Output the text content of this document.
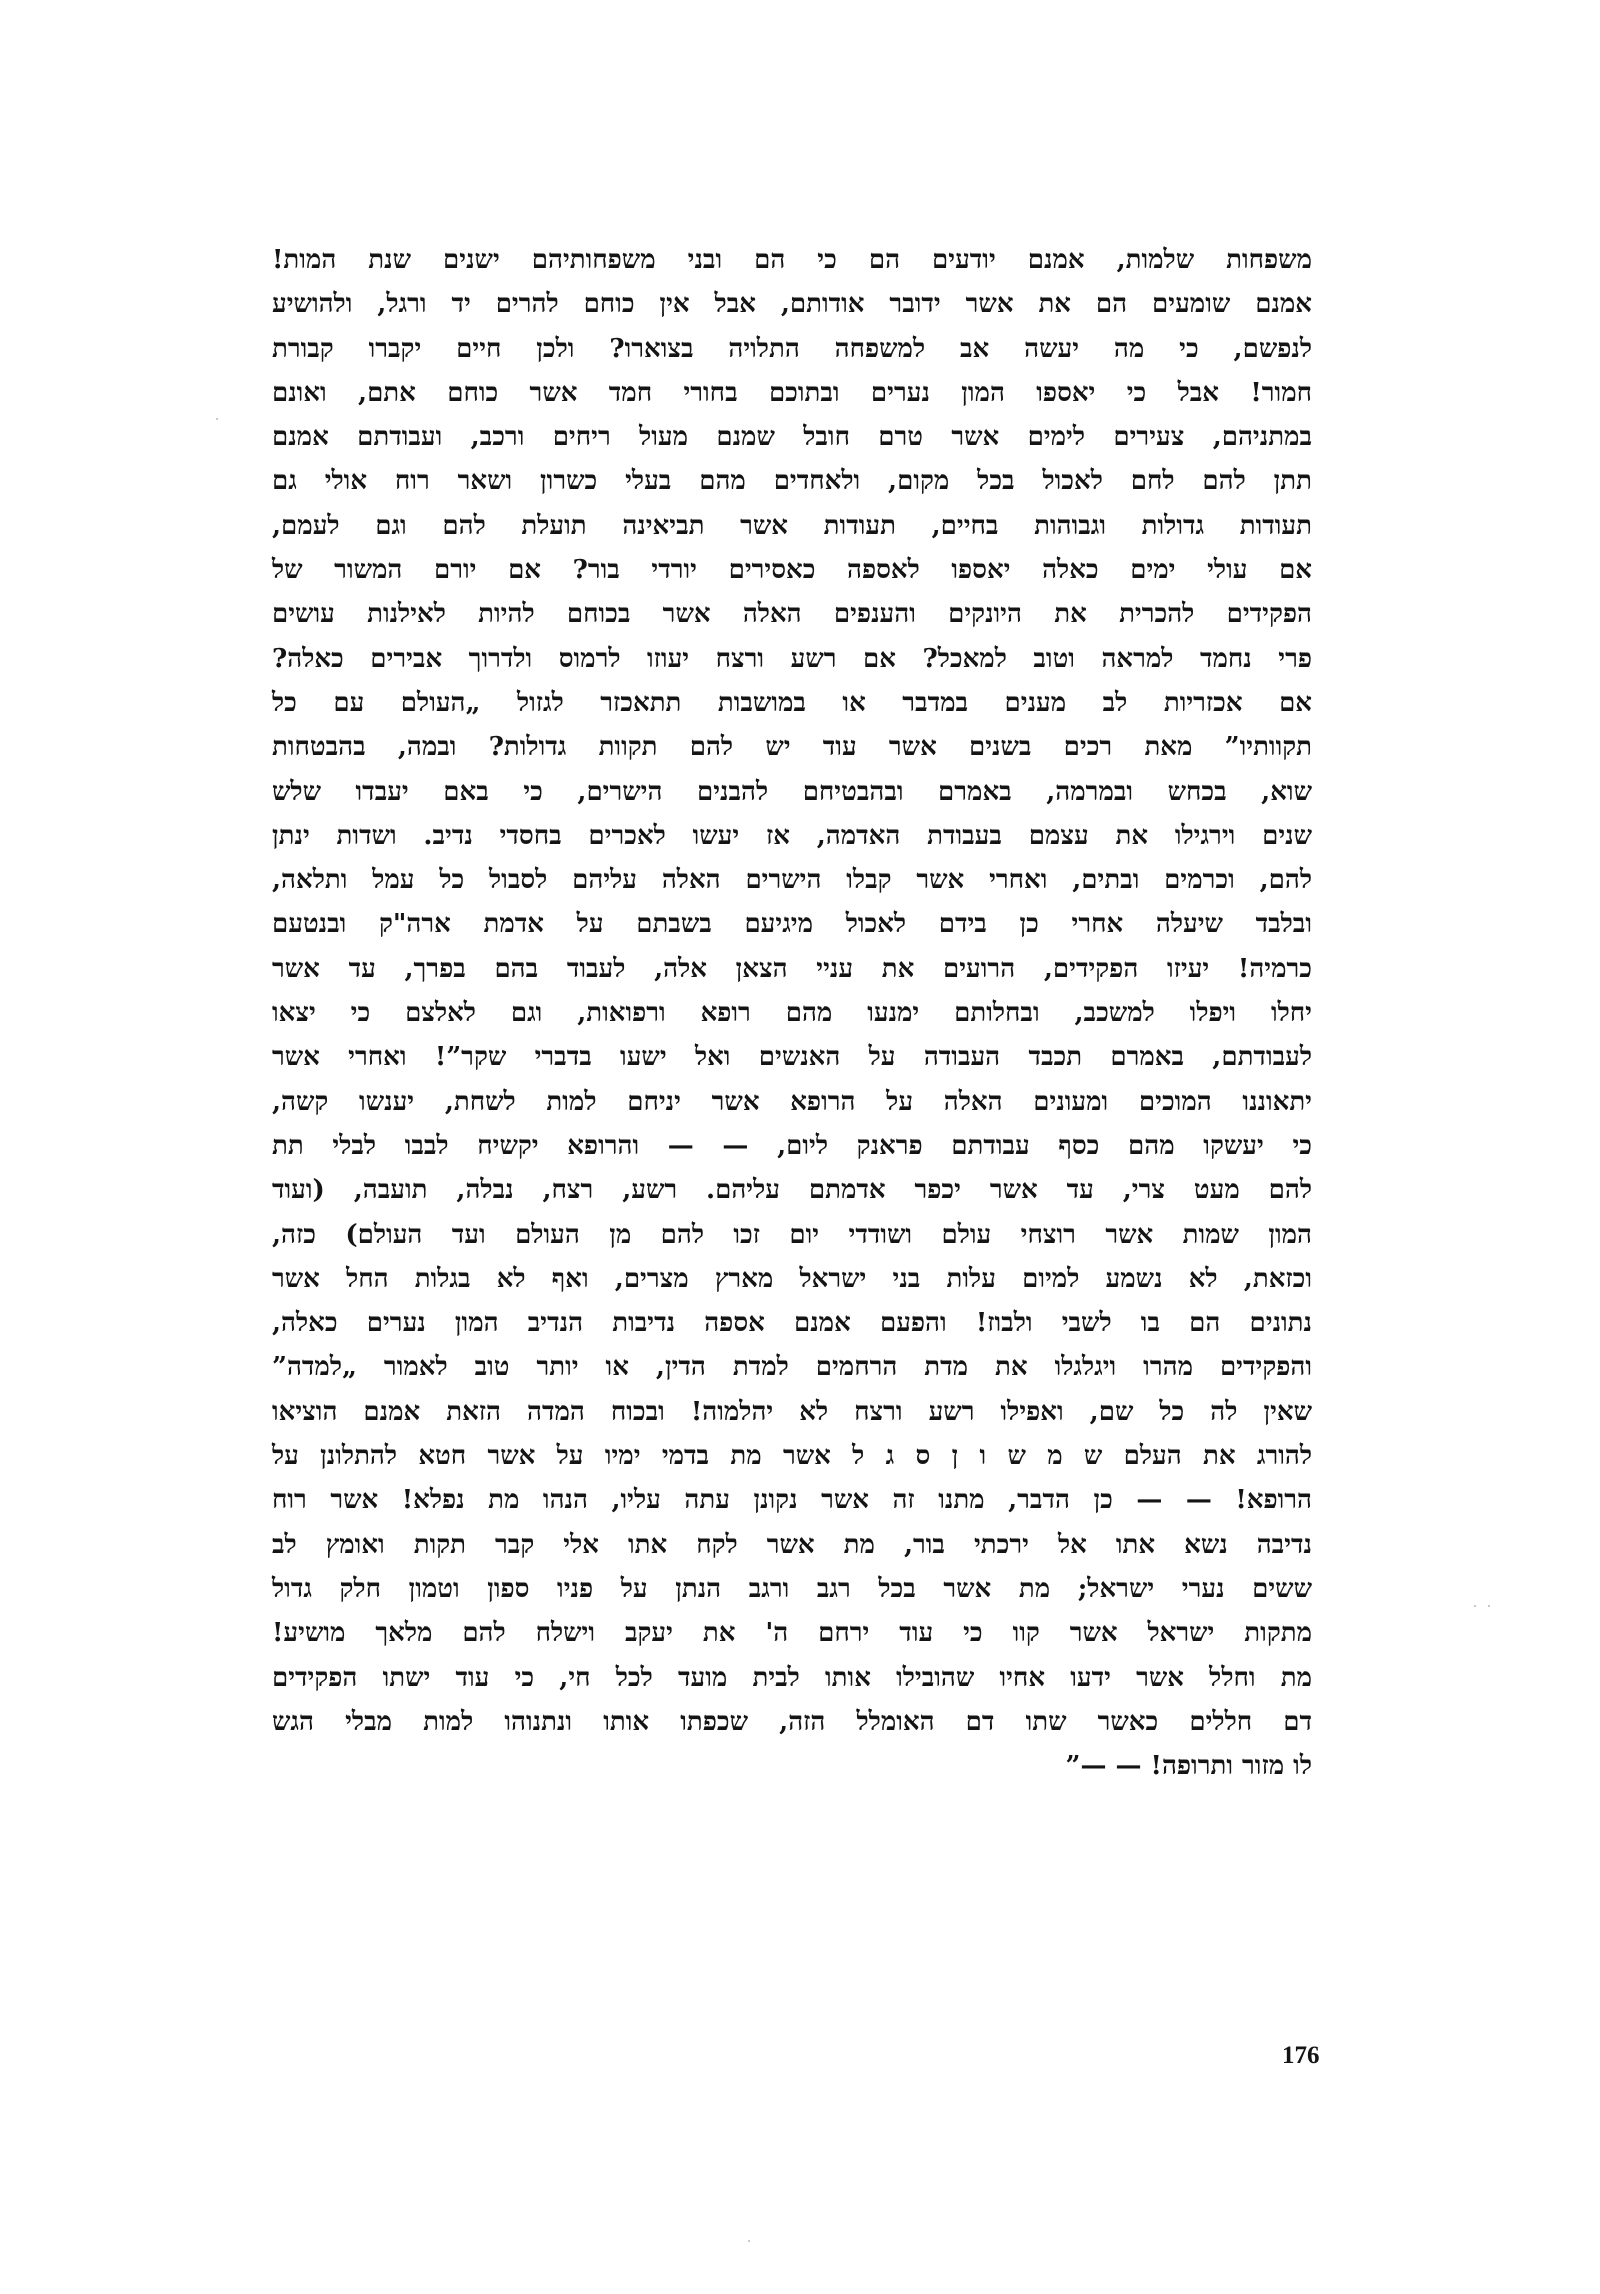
משפחות שלמות, אמנם יודעים הם כי הם ובני משפחותיהם ישנים שנת המות!
אמנם שומעים הם את אשר ידובר אודותם, אבל אין כוחם להרים יד ורגל, ולהושיע
לנפשם, כי מה יעשה אב למשפחה התלויה בצוארו? ולכן חיים יקברו קבורת
חמור! אבל כי יאספו המון נערים ובתוכם בחורי חמד אשר כוחם אתם, ואונם
במתניהם, צעירים לימים אשר טרם חובל שמנם מעול ריחים ורכב, ועבודתם אמנם
תתן להם לחם לאכול בכל מקום, ולאחדים מהם בעלי כשרון ושאר רוח אולי גם
תעודות גדולות וגבוהות בחיים, תעודות אשר תביאינה תועלת להם וגם לעמם,
אם עולי ימים כאלה יאספו לאספה כאסירים יורדי בור? אם יורם המשור של
הפקידים להכרית את היונקים והענפים האלה אשר בכוחם להיות לאילנות עושים
פרי נחמד למראה וטוב למאכל? אם רשע ורצח יעוזו לרמוס ולדרוך אבירים כאלה?
אם אכזריות לב מענים במדבר או במושבות תתאכזר לגזול „העולם עם כל
תקוותיו” מאת רכים בשנים אשר עוד יש להם תקוות גדולות? ובמה, בהבטחות
שוא, בכחש ובמרמה, באמרם ובהבטיחם להבנים הישרים, כי באם יעבדו שלש
שנים וירגילו את עצמם בעבודת האדמה, אז יעשו לאכרים בחסדי נדיב. ושדות ינתן
להם, וכרמים ובתים, ואחרי אשר קבלו הישרים האלה עליהם לסבול כל עמל ותלאה,
ובלבד שיעלה אחרי כן בידם לאכול מיגיעם בשבתם על אדמת ארה"ק ובנטעם
כרמיה! יעיזו הפקידים, הרועים את עניי הצאן אלה, לעבוד בהם בפרך, עד אשר
יחלו ויפלו למשכב, ובחלותם ימנעו מהם רופא ורפואות, וגם לאלצם כי יצאו
לעבודתם, באמרם תכבד העבודה על האנשים ואל ישעו בדברי שקר”! ואחרי אשר
יתאוננו המוכים ומעונים האלה על הרופא אשר יניחם למות לשחת, יענשו קשה,
כי יעשקו מהם כסף עבודתם פראנק ליום, — — והרופא יקשיח לבבו לבלי תת
להם מעט צרי, עד אשר יכפר אדמתם עליהם. רשע, רצח, נבלה, תועבה, (ועוד
המון שמות אשר רוצחי עולם ושודדי יום זכו להם מן העולם ועד העולם) כזה,
וכזאת, לא נשמע למיום עלות בני ישראל מארץ מצרים, ואף לא בגלות החל אשר
נתונים הם בו לשבי ולבוז! והפעם אמנם אספה נדיבות הנדיב המון נערים כאלה,
והפקידים מהרו ויגלגלו את מדת הרחמים למדת הדין, או יותר טוב לאמור „למדה”
שאין לה כל שם, ואפילו רשע ורצח לא יהלמוה! ובכוח המדה הזאת אמנם הוציאו
להורג את העלם ש מ ש ו ן ס ג ל אשר מת בדמי ימיו על אשר חטא להתלונן על
הרופא! — — כן הדבר, מתנו זה אשר נקונן עתה עליו, הנהו מת נפלא! אשר רוח
נדיבה נשא אתו אל ירכתי בור, מת אשר לקח אתו אלי קבר תקות ואומץ לב
ששים נערי ישראל; מת אשר בכל רגב ורגב הנתן על פניו ספון וטמון חלק גדול
מתקות ישראל אשר קוו כי עוד ירחם ה' את יעקב וישלח להם מלאך מושיע!
מת וחלל אשר ידעו אחיו שהובילו אותו לבית מועד לכל חי, כי עוד ישתו הפקידים
דם חללים כאשר שתו דם האומלל הזה, שכפתו אותו ונתנוהו למות מבלי הגש
לו מזור ותרופה! — —”
176
